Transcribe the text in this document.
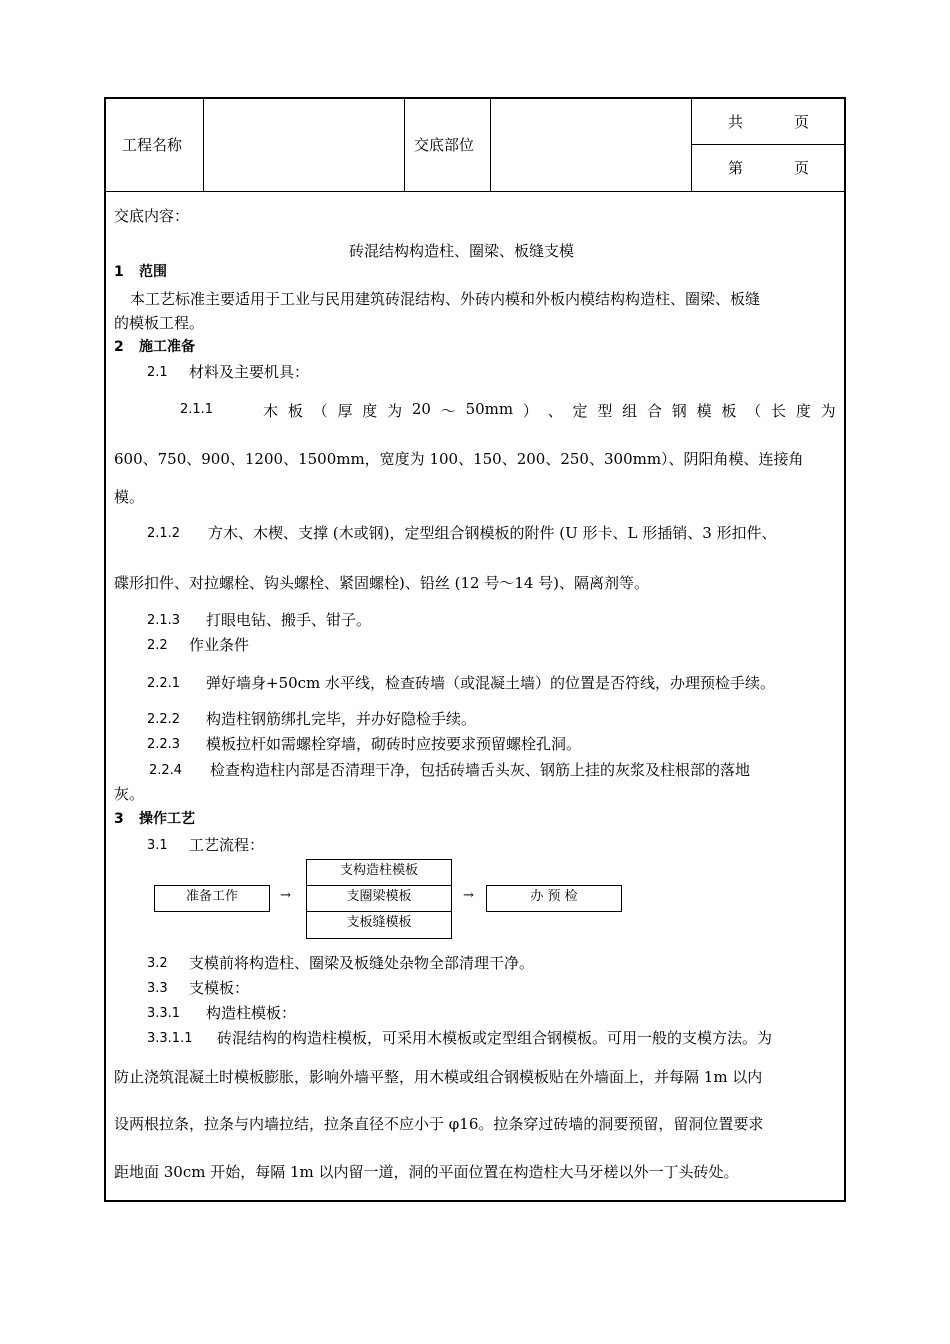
工程名称	交底部位
共	页
第	页
交底内容：
砖混结构构造柱、圈梁、板缝支模
1 范围
本工艺标准主要适用于工业与民用建筑砖混结构、外砖内模和外板内模结构构造柱、圈梁、板缝
的模板工程。
2 施工准备
2.1 材料及主要机具：
2.1.1	木 板 （ 厚 度 为 20 ～ 50mm ） 、 定 型 组 合 钢 模 板 （ 长 度 为
600、750、900、1200、1500mm，宽度为 100、150、200、250、300mm）、阴阳角模、连接角
模。
2.1.2 方木、木楔、支撑 (木或钢)，定型组合钢模板的附件 (U 形卡、L 形插销、3 形扣件、
碟形扣件、对拉螺栓、钩头螺栓、紧固螺栓)、铅丝 (12 号～14 号)、隔离剂等。
2.1.3 打眼电钻、搬手、钳子。
2.2 作业条件
2.2.1 弹好墙身+50cm 水平线，检查砖墙（或混凝土墙）的位置是否符线，办理预检手续。
2.2.2 构造柱钢筋绑扎完毕，并办好隐检手续。
2.2.3 模板拉杆如需螺栓穿墙，砌砖时应按要求预留螺栓孔洞。
2.2.4 检查构造柱内部是否清理干净，包括砖墙舌头灰、钢筋上挂的灰浆及柱根部的落地
灰。
3 操作工艺
3.1 工艺流程：
准备工作	→
支构造柱模板
支圈梁模板
支板缝模板
→	办 预 检
3.2 支模前将构造柱、圈梁及板缝处杂物全部清理干净。
3.3 支模板：
3.3.1 构造柱模板：
3.3.1.1 砖混结构的构造柱模板，可采用木模板或定型组合钢模板。可用一般的支模方法。为
防止浇筑混凝土时模板膨胀，影响外墙平整，用木模或组合钢模板贴在外墙面上，并每隔 1m 以内
设两根拉条，拉条与内墙拉结，拉条直径不应小于 φ16。拉条穿过砖墙的洞要预留，留洞位置要求
距地面 30cm 开始，每隔 1m 以内留一道，洞的平面位置在构造柱大马牙槎以外一丁头砖处。
